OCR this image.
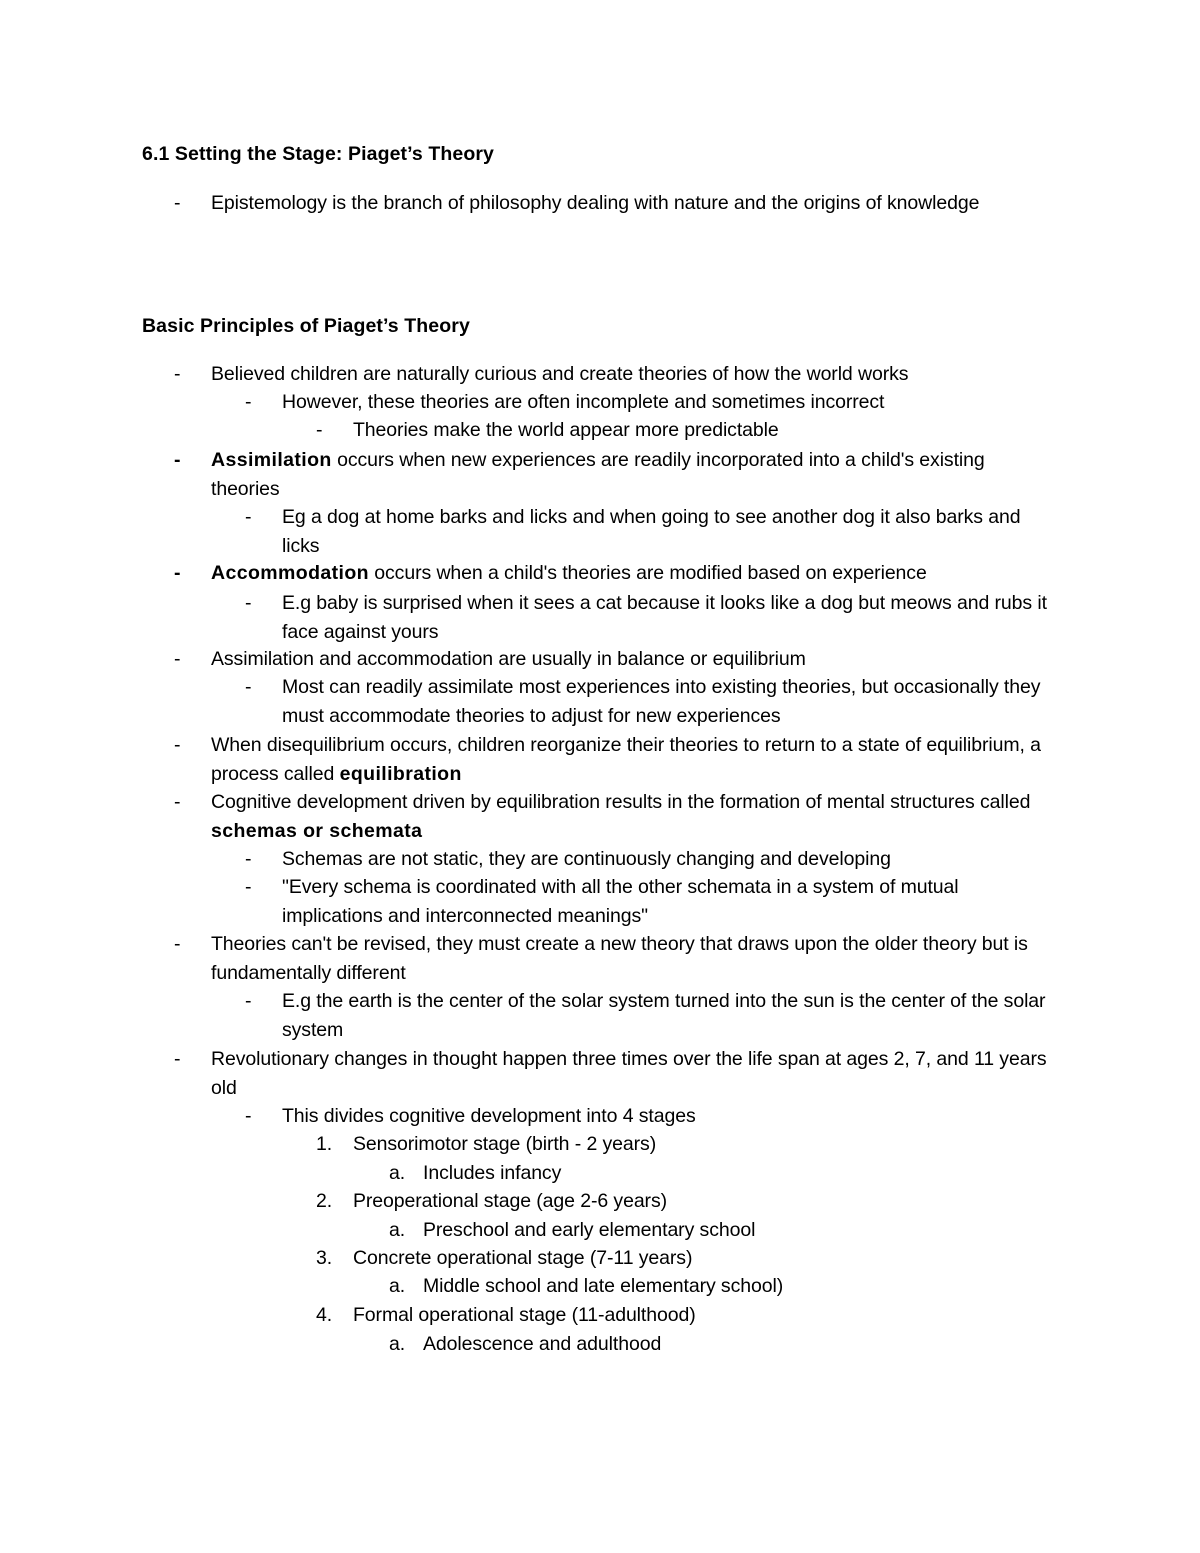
6.1 Setting the Stage: Piaget’s Theory
- Epistemology is the branch of philosophy dealing with nature and the origins of knowledge
Basic Principles of Piaget’s Theory
- Believed children are naturally curious and create theories of how the world works
- However, these theories are often incomplete and sometimes incorrect
- Theories make the world appear more predictable
- Assimilation occurs when new experiences are readily incorporated into a child's existing theories
- Eg a dog at home barks and licks and when going to see another dog it also barks and licks
- Accommodation occurs when a child's theories are modified based on experience
- E.g baby is surprised when it sees a cat because it looks like a dog but meows and rubs it face against yours
- Assimilation and accommodation are usually in balance or equilibrium
- Most can readily assimilate most experiences into existing theories, but occasionally they must accommodate theories to adjust for new experiences
- When disequilibrium occurs, children reorganize their theories to return to a state of equilibrium, a process called equilibration
- Cognitive development driven by equilibration results in the formation of mental structures called schemas or schemata
- Schemas are not static, they are continuously changing and developing
- "Every schema is coordinated with all the other schemata in a system of mutual implications and interconnected meanings"
- Theories can't be revised, they must create a new theory that draws upon the older theory but is fundamentally different
- E.g the earth is the center of the solar system turned into the sun is the center of the solar system
- Revolutionary changes in thought happen three times over the life span at ages 2, 7, and 11 years old
- This divides cognitive development into 4 stages
1. Sensorimotor stage (birth - 2 years)
a. Includes infancy
2. Preoperational stage (age 2-6 years)
a. Preschool and early elementary school
3. Concrete operational stage (7-11 years)
a. Middle school and late elementary school)
4. Formal operational stage (11-adulthood)
a. Adolescence and adulthood
